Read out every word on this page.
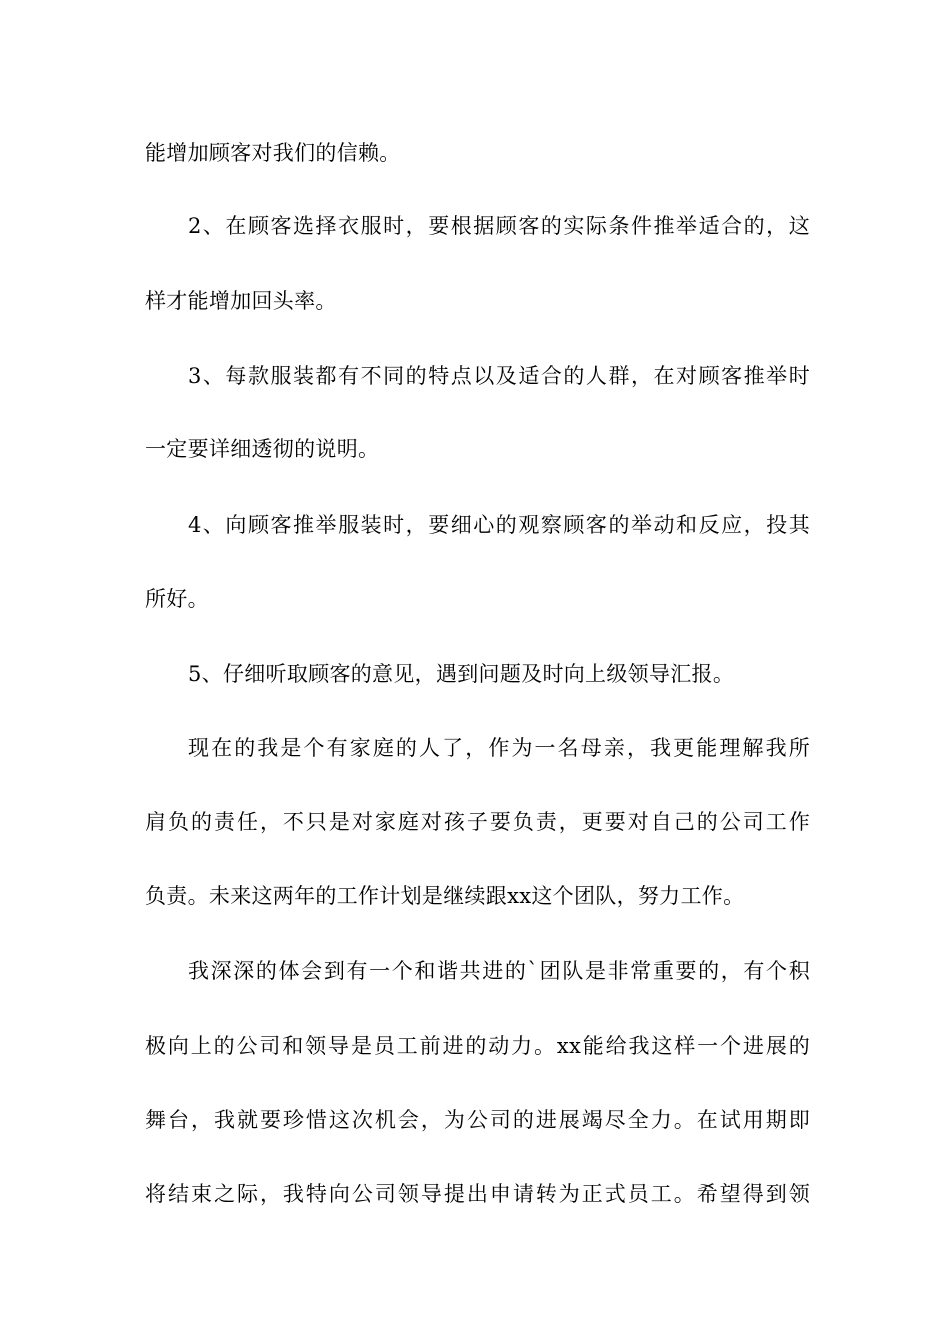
能增加顾客对我们的信赖。
2、在顾客选择衣服时，要根据顾客的实际条件推举适合的，这
样才能增加回头率。
3、每款服装都有不同的特点以及适合的人群，在对顾客推举时
一定要详细透彻的说明。
4、向顾客推举服装时，要细心的观察顾客的举动和反应，投其
所好。
5、仔细听取顾客的意见，遇到问题及时向上级领导汇报。
现在的我是个有家庭的人了，作为一名母亲，我更能理解我所
肩负的责任，不只是对家庭对孩子要负责，更要对自己的公司工作
负责。未来这两年的工作计划是继续跟xx这个团队，努力工作。
我深深的体会到有一个和谐共进的`团队是非常重要的，有个积
极向上的公司和领导是员工前进的动力。xx能给我这样一个进展的
舞台，我就要珍惜这次机会，为公司的进展竭尽全力。在试用期即
将结束之际，我特向公司领导提出申请转为正式员工。希望得到领
